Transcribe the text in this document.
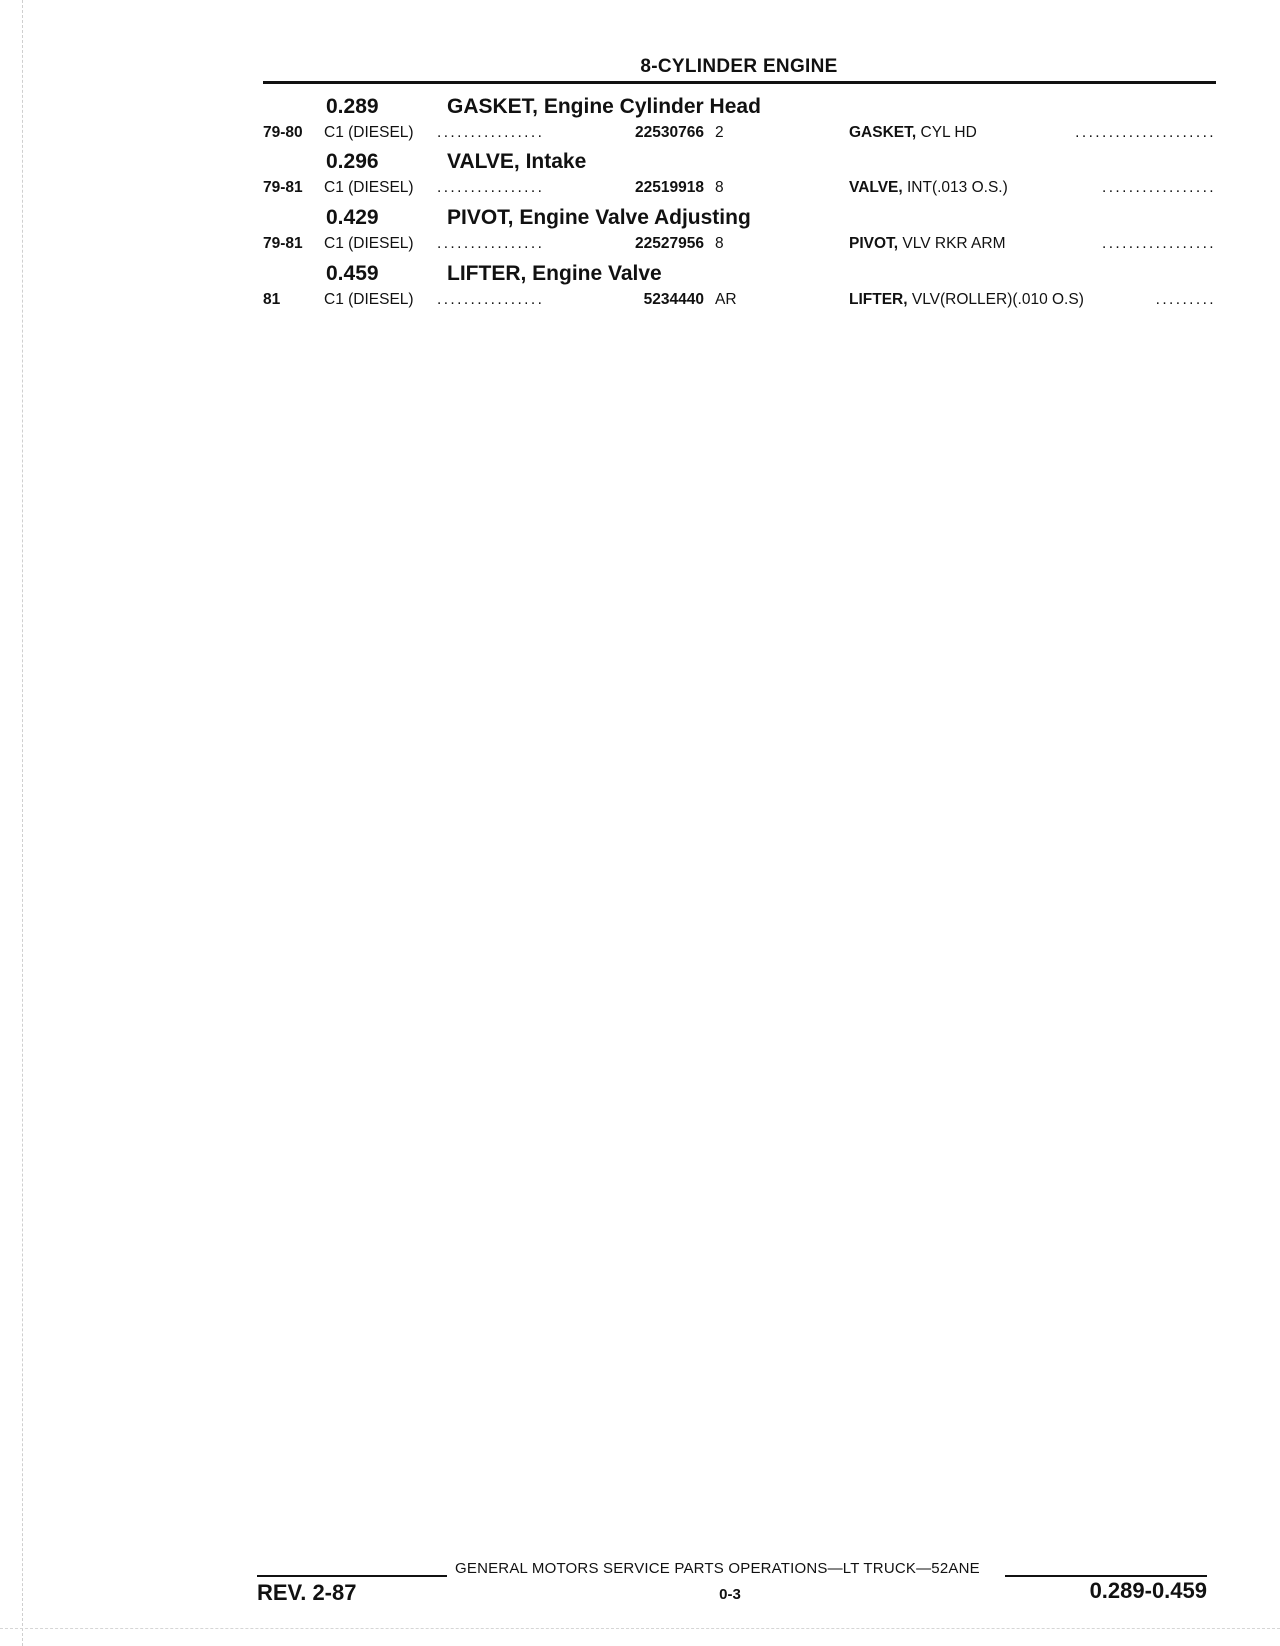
8-CYLINDER ENGINE
0.289	GASKET, Engine Cylinder Head
79-80 C1 (DIESEL) ................	22530766 2	GASKET, CYL HD	.....................
0.296	VALVE, Intake
79-81 C1 (DIESEL) ................	22519918 8	VALVE, INT(.013 O.S.)	.................
0.429	PIVOT, Engine Valve Adjusting
79-81 C1 (DIESEL) ................	22527956 8	PIVOT, VLV RKR ARM	.................
0.459	LIFTER, Engine Valve
81	C1 (DIESEL) ................	5234440 AR	LIFTER, VLV(ROLLER)(.010 O.S)	.........
GENERAL MOTORS SERVICE PARTS OPERATIONS—LT TRUCK—52ANE
REV. 2-87	0-3	0.289-0.459
